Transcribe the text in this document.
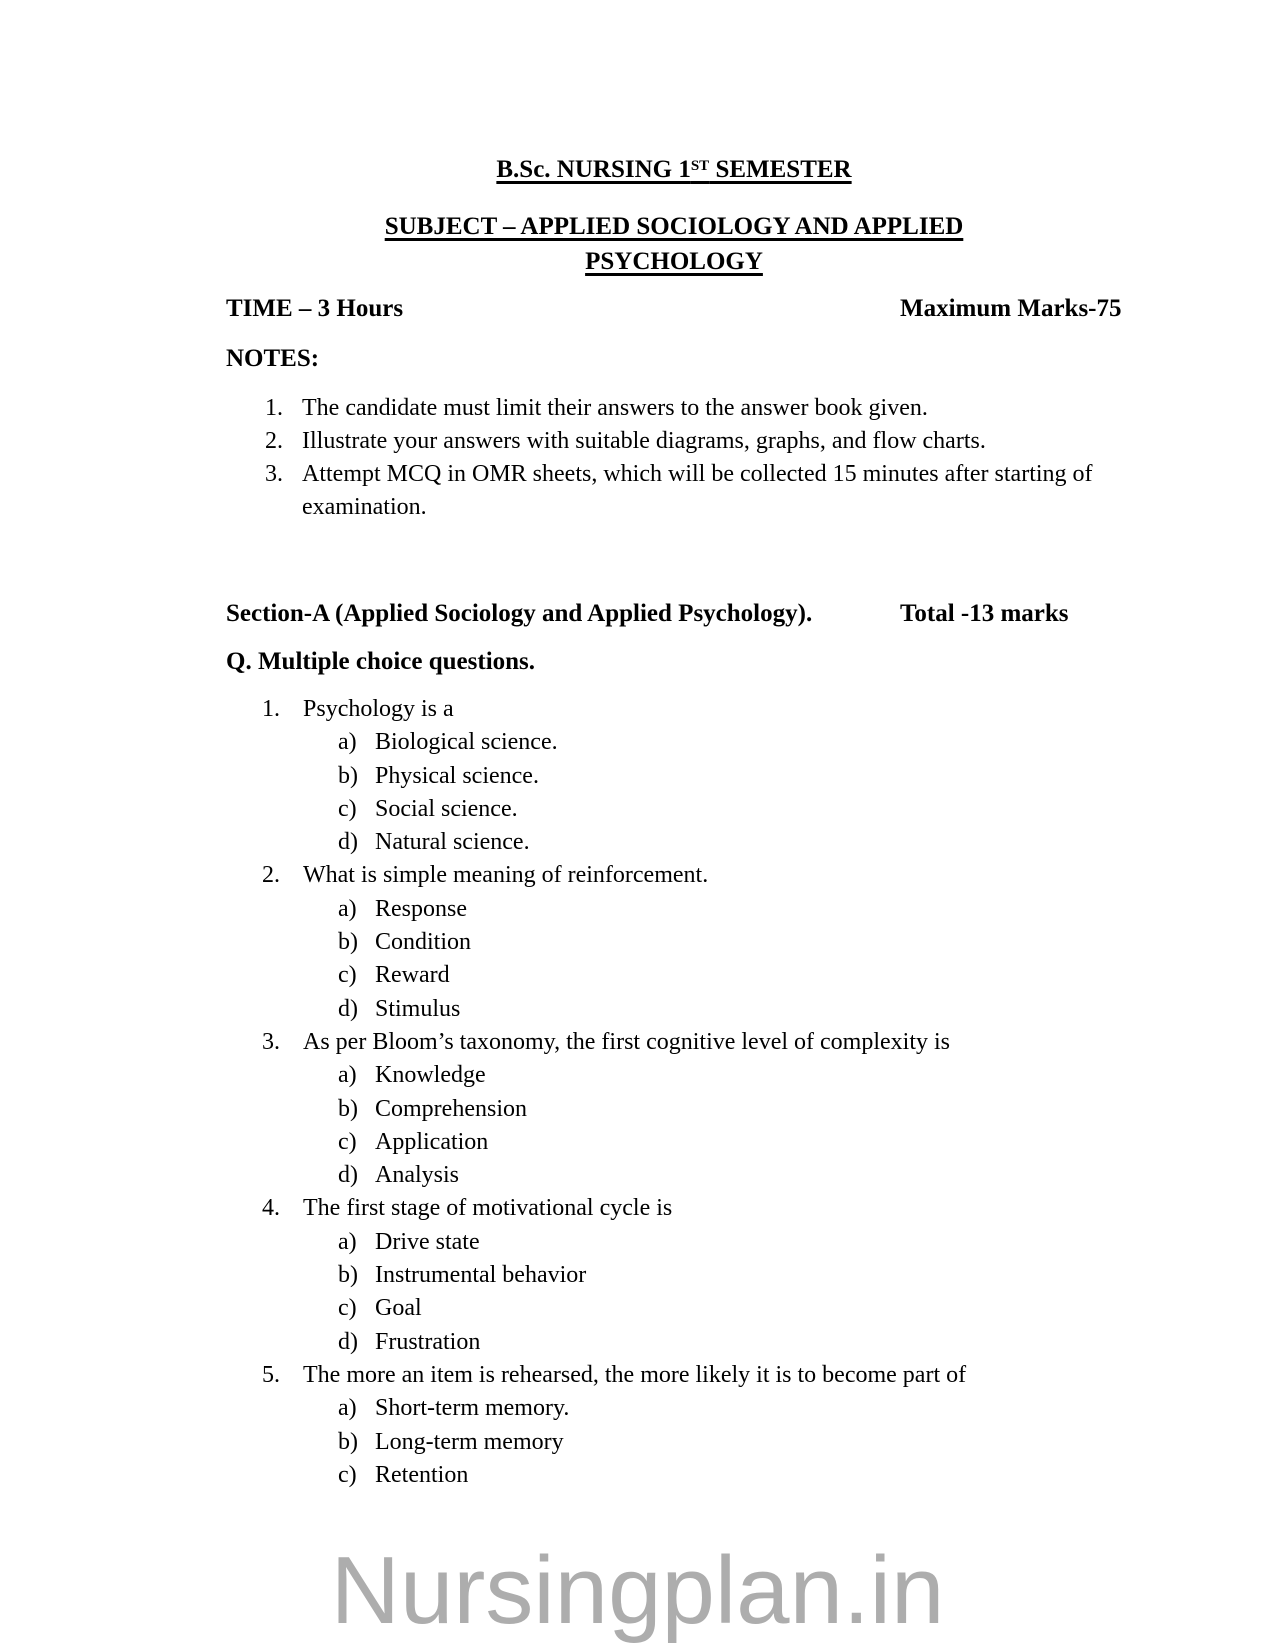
B.Sc. NURSING 1ST SEMESTER
SUBJECT – APPLIED SOCIOLOGY AND APPLIED
PSYCHOLOGY
TIME – 3 Hours	Maximum Marks-75
NOTES:
1. The candidate must limit their answers to the answer book given.
2. Illustrate your answers with suitable diagrams, graphs, and flow charts.
3. Attempt MCQ in OMR sheets, which will be collected 15 minutes after starting of examination.
Section-A (Applied Sociology and Applied Psychology).	Total -13 marks
Q. Multiple choice questions.
1. Psychology is a
a) Biological science.
b) Physical science.
c) Social science.
d) Natural science.
2. What is simple meaning of reinforcement.
a) Response
b) Condition
c) Reward
d) Stimulus
3. As per Bloom’s taxonomy, the first cognitive level of complexity is
a) Knowledge
b) Comprehension
c) Application
d) Analysis
4. The first stage of motivational cycle is
a) Drive state
b) Instrumental behavior
c) Goal
d) Frustration
5. The more an item is rehearsed, the more likely it is to become part of
a) Short-term memory.
b) Long-term memory
c) Retention
Nursingplan.in
